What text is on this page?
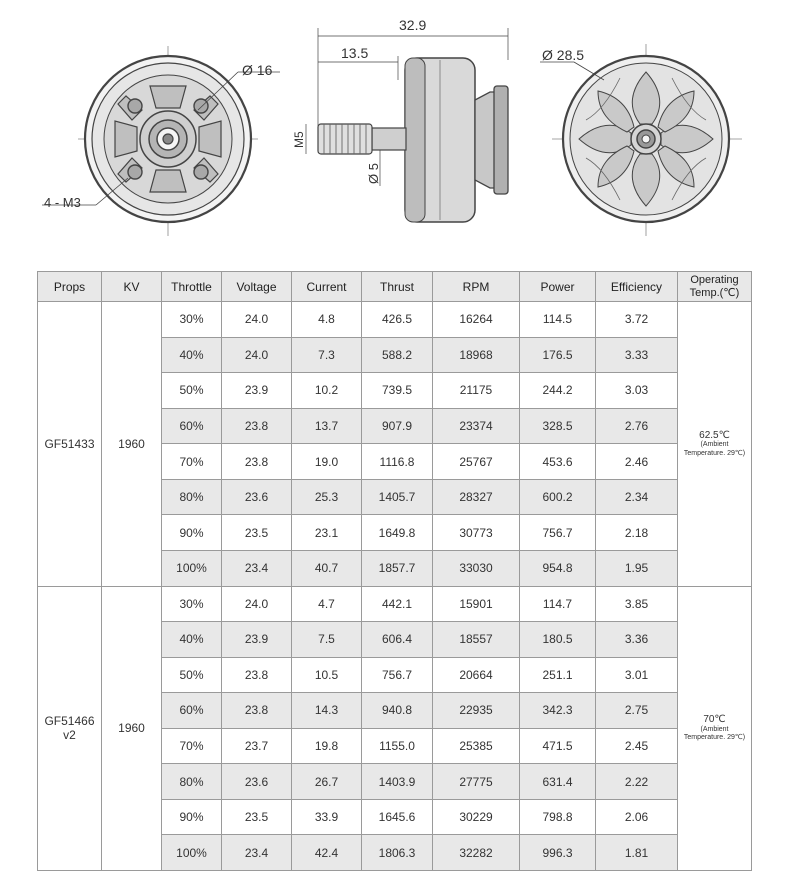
Ø 16
4 - M3
32.9
13.5
M5
Ø 5
Ø 28.5
Props	KV	Throttle	Voltage	Current	Thrust	RPM	Power	Efficiency	Operating
Temp.(℃)

GF51433	1960	30%	24.0	4.8	426.5	16264	114.5	3.72	62.5℃
(Ambient
Temperature. 29℃)

		40%	24.0	7.3	588.2	18968	176.5	3.33	
		50%	23.9	10.2	739.5	21175	244.2	3.03	
		60%	23.8	13.7	907.9	23374	328.5	2.76	
		70%	23.8	19.0	1116.8	25767	453.6	2.46	
		80%	23.6	25.3	1405.7	28327	600.2	2.34	
		90%	23.5	23.1	1649.8	30773	756.7	2.18	
		100%	23.4	40.7	1857.7	33030	954.8	1.95	

GF51466
v2	1960	30%	24.0	4.7	442.1	15901	114.7	3.85	70℃
(Ambient
Temperature. 29℃)

		40%	23.9	7.5	606.4	18557	180.5	3.36	
		50%	23.8	10.5	756.7	20664	251.1	3.01	
		60%	23.8	14.3	940.8	22935	342.3	2.75	
		70%	23.7	19.8	1155.0	25385	471.5	2.45	
		80%	23.6	26.7	1403.9	27775	631.4	2.22	
		90%	23.5	33.9	1645.6	30229	798.8	2.06	
		100%	23.4	42.4	1806.3	32282	996.3	1.81	
